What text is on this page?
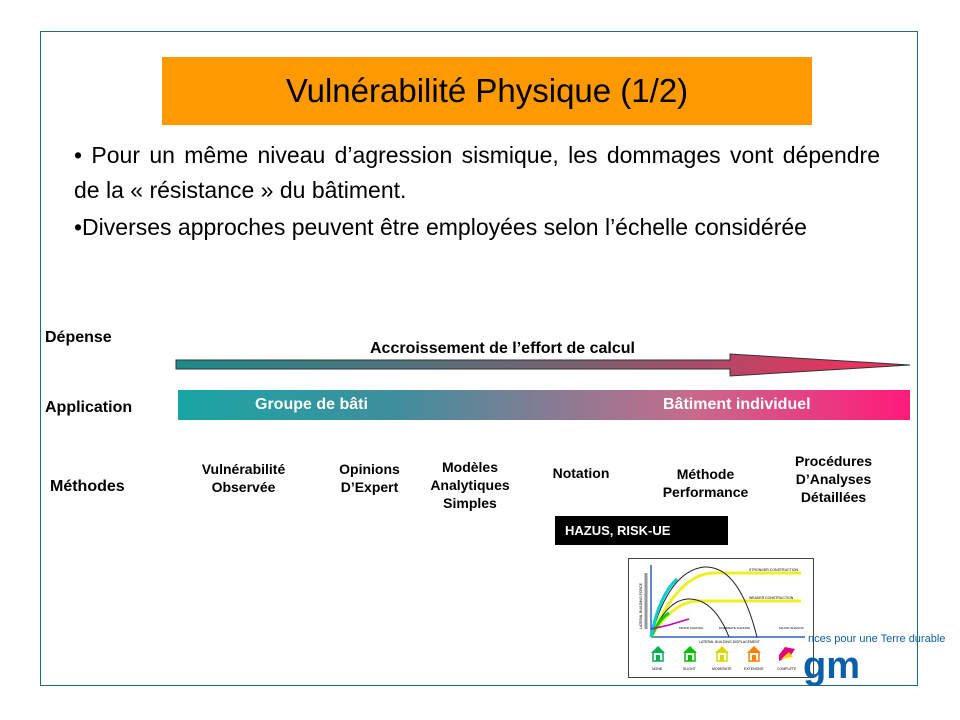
Vulnérabilité Physique (1/2)

• Pour un même niveau d’agression sismique, les dommages vont dépendre de la « résistance » du bâtiment.

•Diverses approches peuvent être employées selon l’échelle considérée

Dépense
Application
Méthodes
Accroissement de l’effort de calcul
Groupe de bâti	Bâtiment individuel
Vulnérabilité
Observée
Opinions
D’Expert
Modèles
Analytiques
Simples
Notation	Méthode
Performance
Procédures
D’Analyses
Détaillées
HAZUS, RISK-UE
STRONGER CONSTRUCTION
WEAKER CONSTRUCTION
MINOR SHAKING	MODERATE SHAKING	MAJOR SHAKING
LATERAL BUILDING DISPLACEMENT
LATERAL BUILDING FORCE
NONE	SLIGHT	MODERATE	EXTENSIVE	COMPLETE
nces pour une Terre durable
gm
